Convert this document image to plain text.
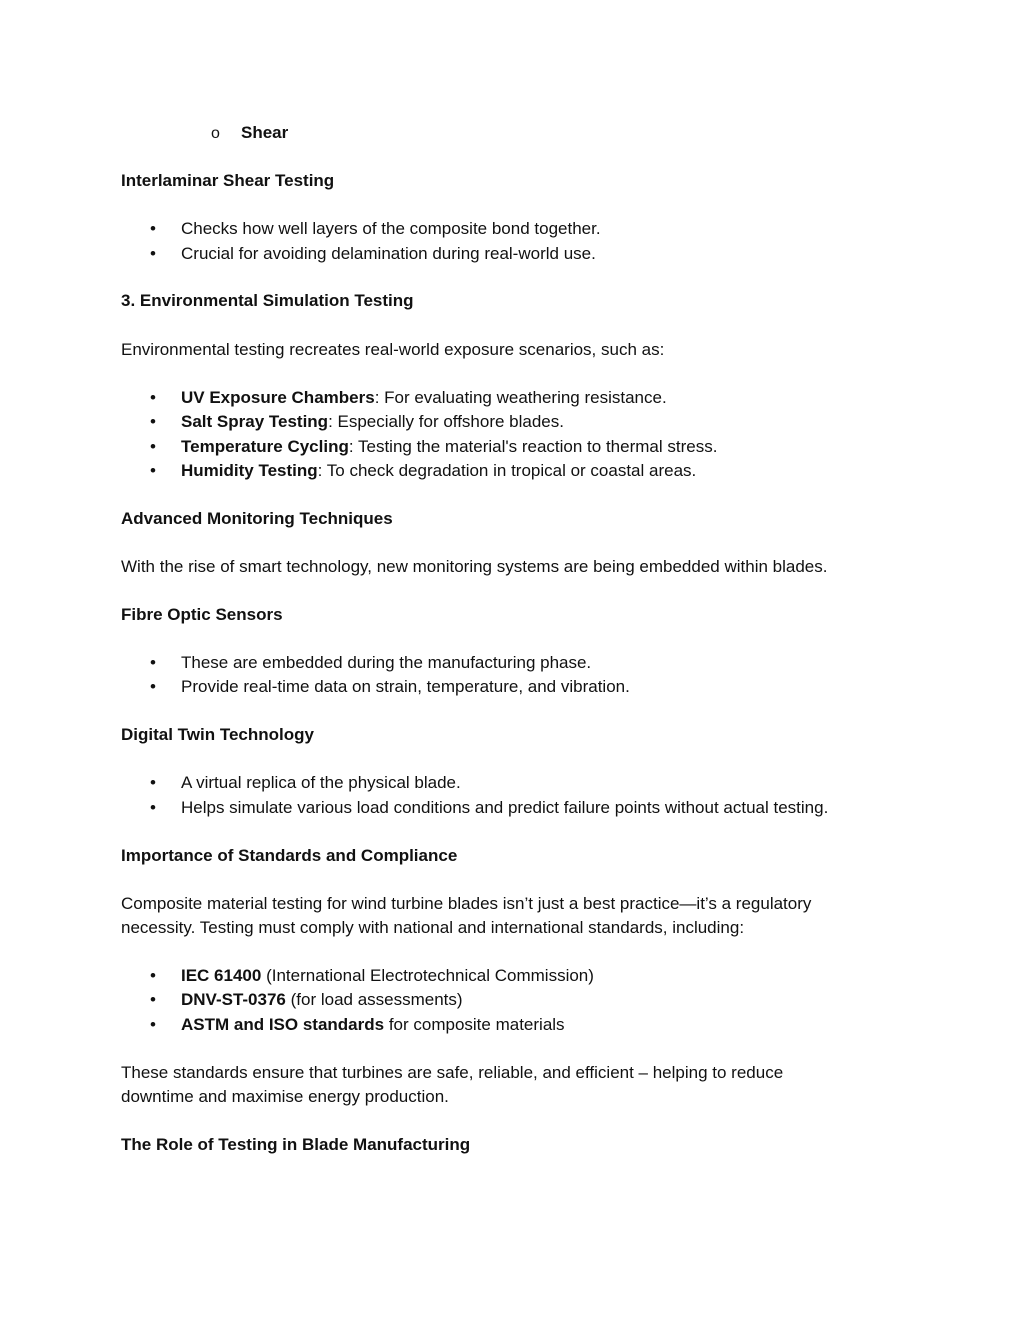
o Shear
Interlaminar Shear Testing
• Checks how well layers of the composite bond together.
• Crucial for avoiding delamination during real-world use.
3. Environmental Simulation Testing
Environmental testing recreates real-world exposure scenarios, such as:
• UV Exposure Chambers: For evaluating weathering resistance.
• Salt Spray Testing: Especially for offshore blades.
• Temperature Cycling: Testing the material's reaction to thermal stress.
• Humidity Testing: To check degradation in tropical or coastal areas.
Advanced Monitoring Techniques
With the rise of smart technology, new monitoring systems are being embedded within blades.
Fibre Optic Sensors
• These are embedded during the manufacturing phase.
• Provide real-time data on strain, temperature, and vibration.
Digital Twin Technology
• A virtual replica of the physical blade.
• Helps simulate various load conditions and predict failure points without actual testing.
Importance of Standards and Compliance
Composite material testing for wind turbine blades isn’t just a best practice—it’s a regulatory
necessity. Testing must comply with national and international standards, including:
• IEC 61400 (International Electrotechnical Commission)
• DNV-ST-0376 (for load assessments)
• ASTM and ISO standards for composite materials
These standards ensure that turbines are safe, reliable, and efficient – helping to reduce
downtime and maximise energy production.
The Role of Testing in Blade Manufacturing
